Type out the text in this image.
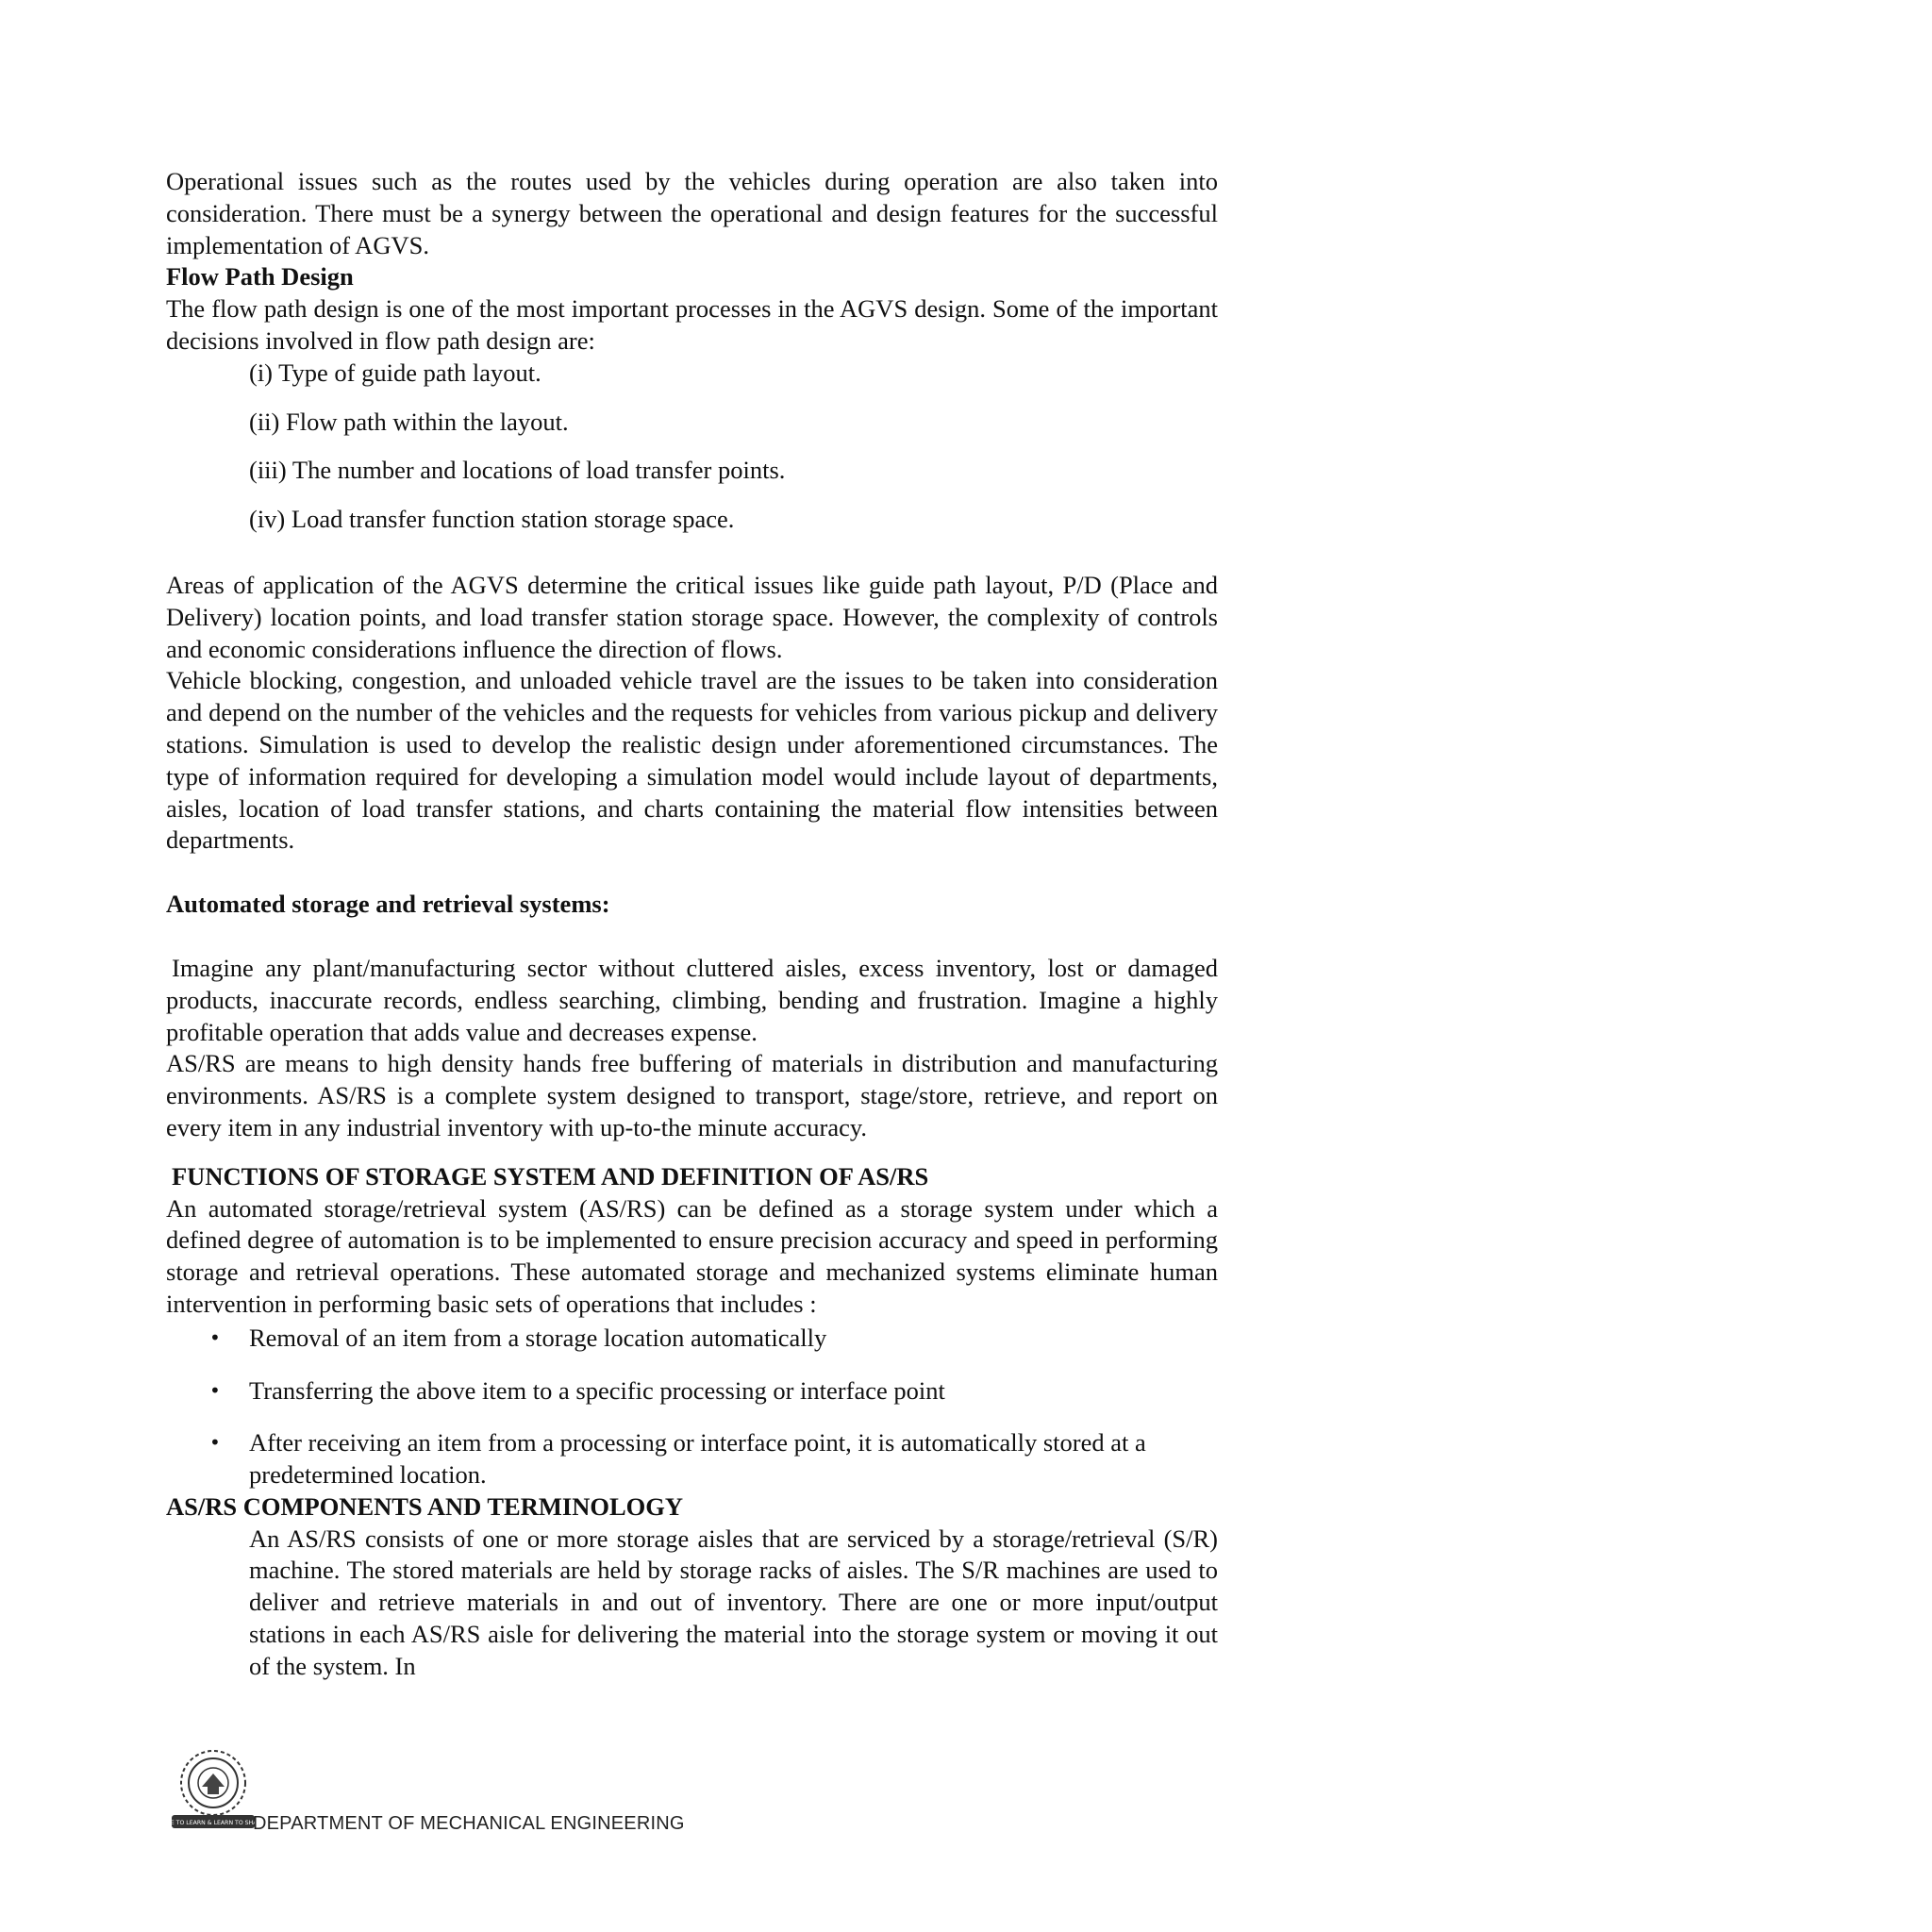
Operational issues such as the routes used by the vehicles during operation are also taken into consideration. There must be a synergy between the operational and design features for the successful implementation of AGVS.

Flow Path Design

The flow path design is one of the most important processes in the AGVS design. Some of the important decisions involved in flow path design are:

(i) Type of guide path layout.
(ii) Flow path within the layout.
(iii) The number and locations of load transfer points.
(iv) Load transfer function station storage space.

Areas of application of the AGVS determine the critical issues like guide path layout, P/D (Place and Delivery) location points, and load transfer station storage space. However, the complexity of controls and economic considerations influence the direction of flows.

Vehicle blocking, congestion, and unloaded vehicle travel are the issues to be taken into consideration and depend on the number of the vehicles and the requests for vehicles from various pickup and delivery stations. Simulation is used to develop the realistic design under aforementioned circumstances. The type of information required for developing a simulation model would include layout of departments, aisles, location of load transfer stations, and charts containing the material flow intensities between departments.

Automated storage and retrieval systems:

Imagine any plant/manufacturing sector without cluttered aisles, excess inventory, lost or damaged products, inaccurate records, endless searching, climbing, bending and frustration. Imagine a highly profitable operation that adds value and decreases expense.

AS/RS are means to high density hands free buffering of materials in distribution and manufacturing environments. AS/RS is a complete system designed to transport, stage/store, retrieve, and report on every item in any industrial inventory with up-to-the minute accuracy.

FUNCTIONS OF STORAGE SYSTEM AND DEFINITION OF AS/RS

An automated storage/retrieval system (AS/RS) can be defined as a storage system under which a defined degree of automation is to be implemented to ensure precision accuracy and speed in performing storage and retrieval operations. These automated storage and mechanized systems eliminate human intervention in performing basic sets of operations that includes :

• Removal of an item from a storage location automatically
• Transferring the above item to a specific processing or interface point
• After receiving an item from a processing or interface point, it is automatically stored at a predetermined location.
AS/RS COMPONENTS AND TERMINOLOGY

An AS/RS consists of one or more storage aisles that are serviced by a storage/retrieval (S/R) machine. The stored materials are held by storage racks of aisles. The S/R machines are used to deliver and retrieve materials in and out of inventory. There are one or more input/output stations in each AS/RS aisle for delivering the material into the storage system or moving it out of the system. In

LIVE TO LEARN & LEARN TO SHARE
DEPARTMENT OF MECHANICAL ENGINEERING
